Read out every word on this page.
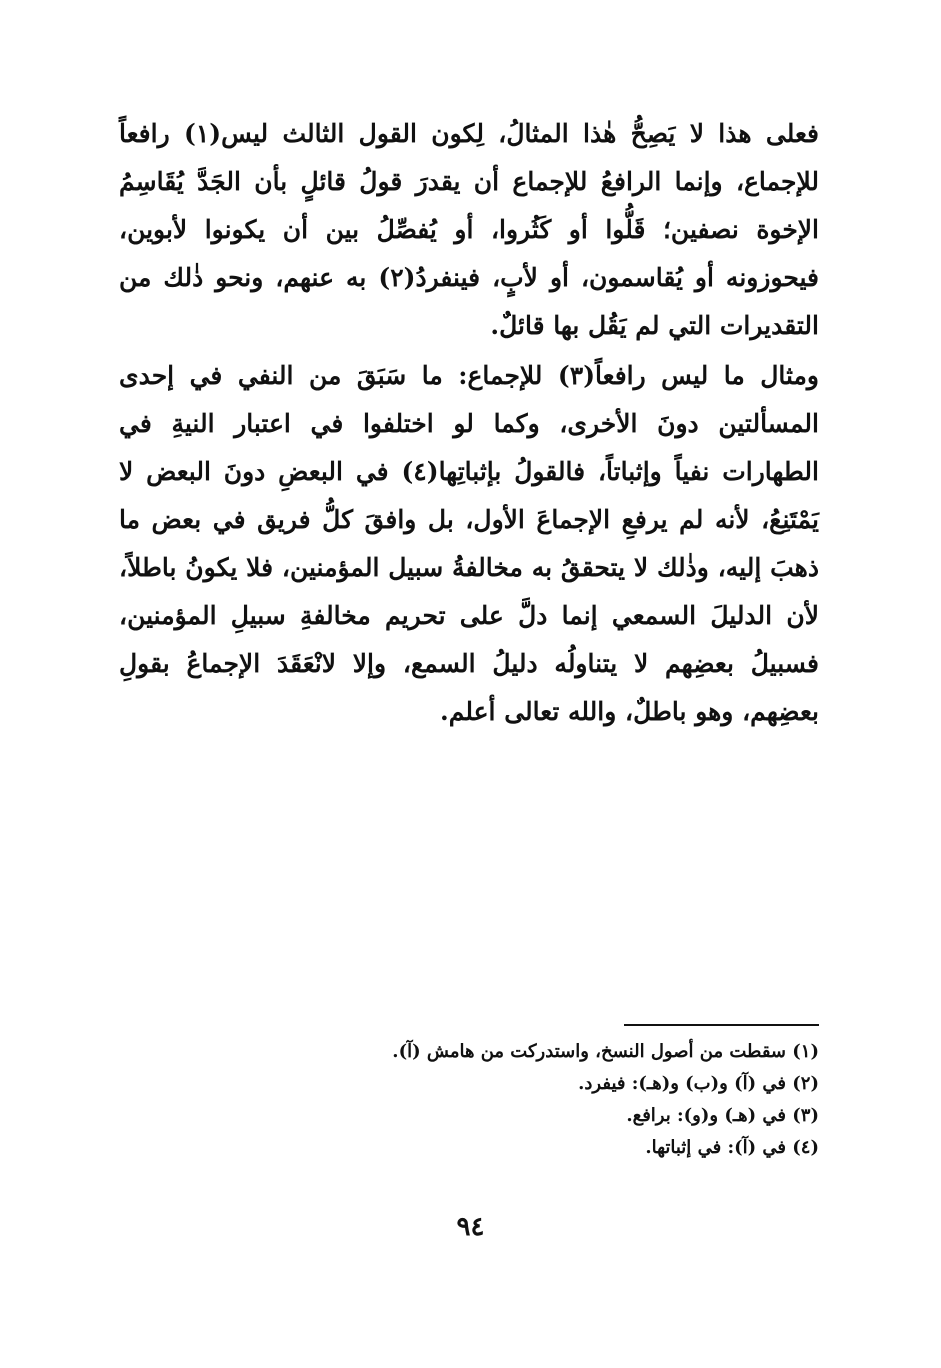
فعلى هذا لا يَصِحُّ هٰذا المثالُ، لِكون القول الثالث ليس(١) رافعاً للإجماع، وإنما الرافعُ للإجماع أن يقدرَ قولُ قائلٍ بأن الجَدَّ يُقَاسِمُ الإخوة نصفين؛ قَلُّوا أو كَثُروا، أو يُفصِّلُ بين أن يكونوا لأبوين، فيحوزونه أو يُقاسمون، أو لأبٍ، فينفردُ(٢) به عنهم، ونحو ذٰلك من التقديرات التي لم يَقُل بها قائلٌ.

ومثال ما ليس رافعاً(٣) للإجماع: ما سَبَقَ من النفي في إحدى المسألتين دونَ الأخرى، وكما لو اختلفوا في اعتبار النيةِ في الطهارات نفياً وإثباتاً، فالقولُ بإثباتِها(٤) في البعضِ دونَ البعض لا يَمْتَنِعُ، لأنه لم يرفعِ الإجماعَ الأول، بل وافقَ كلُّ فريق في بعض ما ذهبَ إليه، وذٰلك لا يتحققُ به مخالفةُ سبيل المؤمنين، فلا يكونُ باطلاً، لأن الدليلَ السمعي إنما دلَّ على تحريم مخالفةِ سبيلِ المؤمنين، فسبيلُ بعضِهم لا يتناولُه دليلُ السمع، وإلا لانْعَقَدَ الإجماعُ بقولِ بعضِهم، وهو باطلٌ، والله تعالى أعلم.

(١) سقطت من أصول النسخ، واستدركت من هامش (آ).

(٢) في (آ) و(ب) و(هـ): فيفرد.

(٣) في (هـ) و(و): برافع.

(٤) في (آ): في إثباتها.

٩٤
